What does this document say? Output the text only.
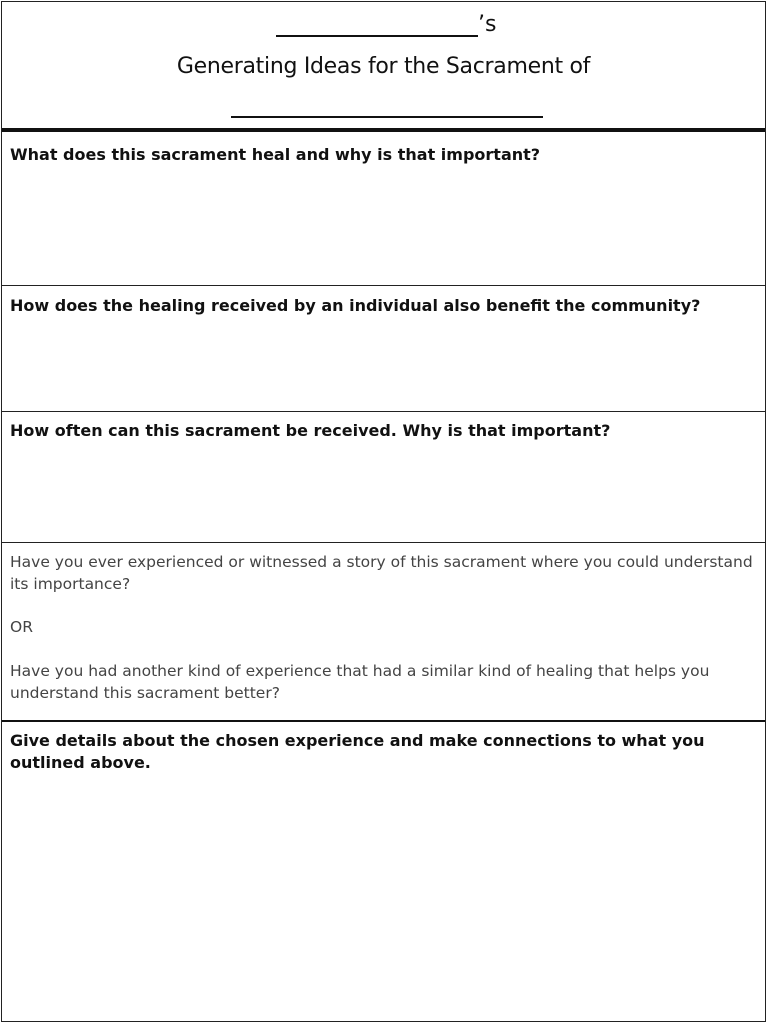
’s
Generating Ideas for the Sacrament of
What does this sacrament heal and why is that important?
How does the healing received by an individual also benefit the community?
How often can this sacrament be received. Why is that important?
Have you ever experienced or witnessed a story of this sacrament where you could understand its importance?
OR
Have you had another kind of experience that had a similar kind of healing that helps you understand this sacrament better?
Give details about the chosen experience and make connections to what you outlined above.
